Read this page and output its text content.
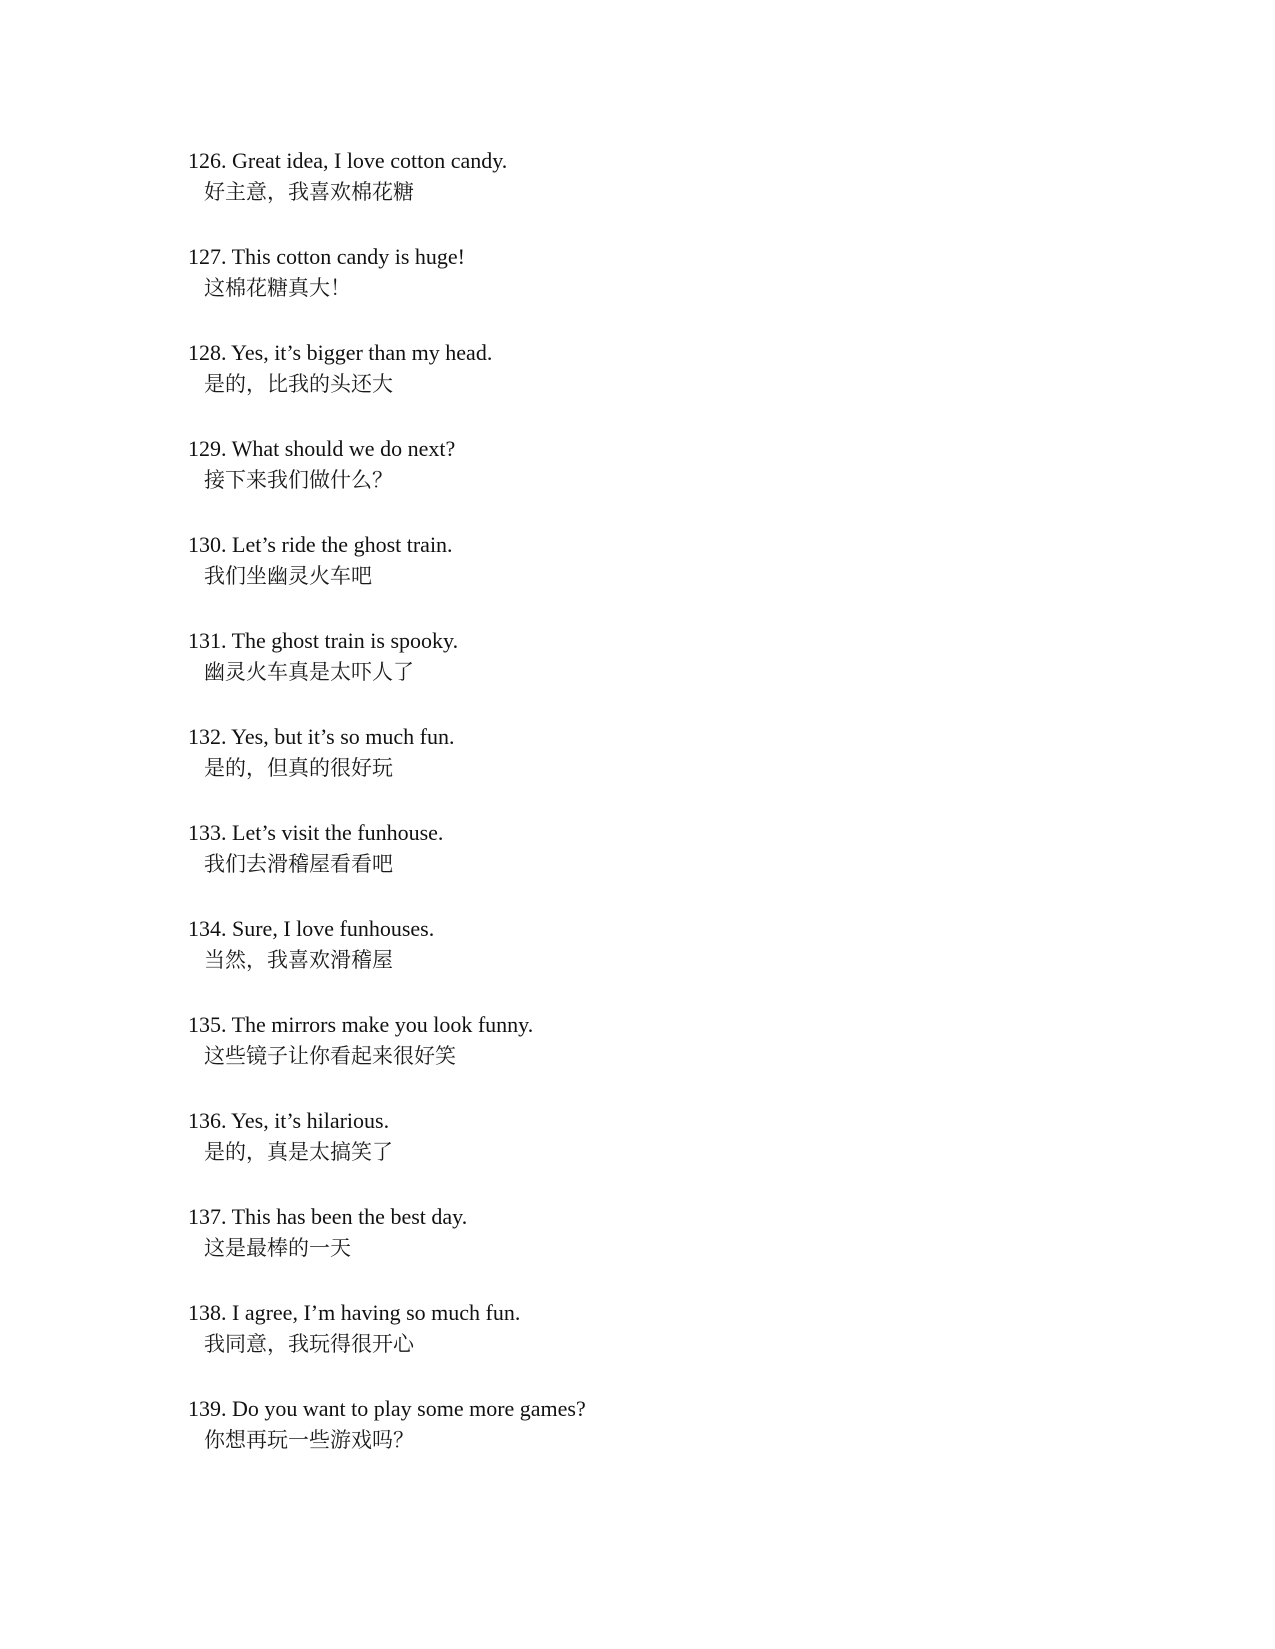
126. Great idea, I love cotton candy.
好主意，我喜欢棉花糖
127. This cotton candy is huge!
这棉花糖真大！
128. Yes, it’s bigger than my head.
是的，比我的头还大
129. What should we do next?
接下来我们做什么？
130. Let’s ride the ghost train.
我们坐幽灵火车吧
131. The ghost train is spooky.
幽灵火车真是太吓人了
132. Yes, but it’s so much fun.
是的，但真的很好玩
133. Let’s visit the funhouse.
我们去滑稽屋看看吧
134. Sure, I love funhouses.
当然，我喜欢滑稽屋
135. The mirrors make you look funny.
这些镜子让你看起来很好笑
136. Yes, it’s hilarious.
是的，真是太搞笑了
137. This has been the best day.
这是最棒的一天
138. I agree, I’m having so much fun.
我同意，我玩得很开心
139. Do you want to play some more games?
你想再玩一些游戏吗？
